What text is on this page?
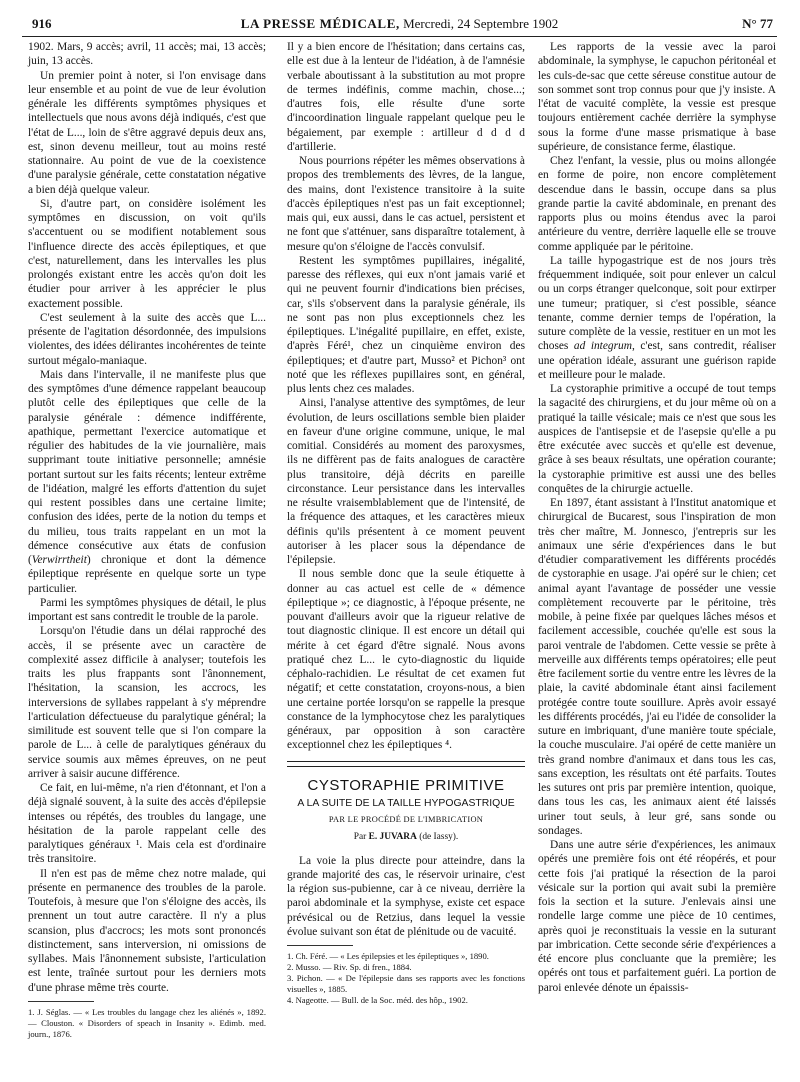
916	LA PRESSE MÉDICALE, Mercredi, 24 Septembre 1902	N° 77

1902. Mars, 9 accès; avril, 11 accès; mai, 13 accès; juin, 13 accès.

Un premier point à noter, si l'on envisage dans leur ensemble et au point de vue de leur évolution générale les différents symptômes physiques et intellectuels que nous avons déjà indiqués, c'est que l'état de L..., loin de s'être aggravé depuis deux ans, est, sinon devenu meilleur, tout au moins resté stationnaire. Au point de vue de la coexistence d'une paralysie générale, cette constatation négative a bien déjà quelque valeur.

Si, d'autre part, on considère isolément les symptômes en discussion, on voit qu'ils s'accentuent ou se modifient notablement sous l'influence directe des accès épileptiques, et que c'est, naturellement, dans les intervalles les plus prolongés existant entre les accès qu'on doit les étudier pour arriver à les apprécier le plus exactement possible.

C'est seulement à la suite des accès que L... présente de l'agitation désordonnée, des impulsions violentes, des idées délirantes incohérentes de teinte surtout mégalo-maniaque.

Mais dans l'intervalle, il ne manifeste plus que des symptômes d'une démence rappelant beaucoup plutôt celle des épileptiques que celle de la paralysie générale : démence indifférente, apathique, permettant l'exercice automatique et régulier des habitudes de la vie journalière, mais supprimant toute initiative personnelle; amnésie portant surtout sur les faits récents; lenteur extrême de l'idéation, malgré les efforts d'attention du sujet qui restent possibles dans une certaine limite; confusion des idées, perte de la notion du temps et du milieu, tous traits rappelant en un mot la démence consécutive aux états de confusion (Verwirrtheit) chronique et dont la démence épileptique représente en quelque sorte un type particulier.

Parmi les symptômes physiques de détail, le plus important est sans contredit le trouble de la parole.

Lorsqu'on l'étudie dans un délai rapproché des accès, il se présente avec un caractère de complexité assez difficile à analyser; toutefois les traits les plus frappants sont l'ânonnement, l'hésitation, la scansion, les accrocs, les interversions de syllabes rappelant à s'y méprendre l'articulation défectueuse du paralytique général; la similitude est souvent telle que si l'on compare la parole de L... à celle de paralytiques généraux du service soumis aux mêmes épreuves, on ne peut arriver à saisir aucune différence.

Ce fait, en lui-même, n'a rien d'étonnant, et l'on a déjà signalé souvent, à la suite des accès d'épilepsie intenses ou répétés, des troubles du langage, une hésitation de la parole rappelant celle des paralytiques généraux ¹. Mais cela est d'ordinaire très transitoire.

Il n'en est pas de même chez notre malade, qui présente en permanence des troubles de la parole. Toutefois, à mesure que l'on s'éloigne des accès, ils prennent un tout autre caractère. Il n'y a plus scansion, plus d'accrocs; les mots sont prononcés distinctement, sans interversion, ni omissions de syllabes. Mais l'ânonnement subsiste, l'articulation est lente, traînée surtout pour les derniers mots d'une phrase même très courte.

1. J. Séglas. — « Les troubles du langage chez les aliénés », 1892. — Clouston. « Disorders of speach in Insanity ». Edimb. med. journ., 1876.

Il y a bien encore de l'hésitation; dans certains cas, elle est due à la lenteur de l'idéation, à de l'amnésie verbale aboutissant à la substitution au mot propre de termes indéfinis, comme machin, chose...; d'autres fois, elle résulte d'une sorte d'incoordination linguale rappelant quelque peu le bégaiement, par exemple : artilleur d d d d d'artillerie.

Nous pourrions répéter les mêmes observations à propos des tremblements des lèvres, de la langue, des mains, dont l'existence transitoire à la suite d'accès épileptiques n'est pas un fait exceptionnel; mais qui, eux aussi, dans le cas actuel, persistent et ne font que s'atténuer, sans disparaître totalement, à mesure qu'on s'éloigne de l'accès convulsif.

Restent les symptômes pupillaires, inégalité, paresse des réflexes, qui eux n'ont jamais varié et qui ne peuvent fournir d'indications bien précises, car, s'ils s'observent dans la paralysie générale, ils ne sont pas non plus exceptionnels chez les épileptiques. L'inégalité pupillaire, en effet, existe, d'après Féré¹, chez un cinquième environ des épileptiques; et d'autre part, Musso² et Pichon³ ont noté que les réflexes pupillaires sont, en général, plus lents chez ces malades.

Ainsi, l'analyse attentive des symptômes, de leur évolution, de leurs oscillations semble bien plaider en faveur d'une origine commune, unique, le mal comitial. Considérés au moment des paroxysmes, ils ne diffèrent pas de faits analogues de caractère plus transitoire, déjà décrits en pareille circonstance. Leur persistance dans les intervalles ne résulte vraisemblablement que de l'intensité, de la fréquence des attaques, et les caractères mieux définis qu'ils présentent à ce moment peuvent autoriser à les placer sous la dépendance de l'épilepsie.

Il nous semble donc que la seule étiquette à donner au cas actuel est celle de « démence épileptique »; ce diagnostic, à l'époque présente, ne pouvant d'ailleurs avoir que la rigueur relative de tout diagnostic clinique. Il est encore un détail qui mérite à cet égard d'être signalé. Nous avons pratiqué chez L... le cyto-diagnostic du liquide céphalo-rachidien. Le résultat de cet examen fut négatif; et cette constatation, croyons-nous, a bien une certaine portée lorsqu'on se rappelle la presque constance de la lymphocytose chez les paralytiques généraux, par opposition à son caractère exceptionnel chez les épileptiques ⁴.

CYSTORAPHIE PRIMITIVE
A LA SUITE DE LA TAILLE HYPOGASTRIQUE
PAR LE PROCÉDÉ DE L'IMBRICATION
Par E. JUVARA (de Iassy).

La voie la plus directe pour atteindre, dans la grande majorité des cas, le réservoir urinaire, c'est la région sus-pubienne, car à ce niveau, derrière la paroi abdominale et la symphyse, existe cet espace prévésical ou de Retzius, dans lequel la vessie évolue suivant son état de plénitude ou de vacuité.

1. Ch. Féré. — « Les épilepsies et les épileptiques », 1890.

2. Musso. — Riv. Sp. di fren., 1884.

3. Pichon. — « De l'épilepsie dans ses rapports avec les fonctions visuelles », 1885.

4. Nageotte. — Bull. de la Soc. méd. des hôp., 1902.

Les rapports de la vessie avec la paroi abdominale, la symphyse, le capuchon péritonéal et les culs-de-sac que cette séreuse constitue autour de son sommet sont trop connus pour que j'y insiste. A l'état de vacuité complète, la vessie est presque toujours entièrement cachée derrière la symphyse sous la forme d'une masse prismatique à base supérieure, de consistance ferme, élastique.

Chez l'enfant, la vessie, plus ou moins allongée en forme de poire, non encore complètement descendue dans le bassin, occupe dans sa plus grande partie la cavité abdominale, en prenant des rapports plus ou moins étendus avec la paroi antérieure du ventre, derrière laquelle elle se trouve comme appliquée par le péritoine.

La taille hypogastrique est de nos jours très fréquemment indiquée, soit pour enlever un calcul ou un corps étranger quelconque, soit pour extirper une tumeur; pratiquer, si c'est possible, séance tenante, comme dernier temps de l'opération, la suture complète de la vessie, restituer en un mot les choses ad integrum, c'est, sans contredit, réaliser une opération idéale, assurant une guérison rapide et meilleure pour le malade.

La cystoraphie primitive a occupé de tout temps la sagacité des chirurgiens, et du jour même où on a pratiqué la taille vésicale; mais ce n'est que sous les auspices de l'antisepsie et de l'asepsie qu'elle a pu être exécutée avec succès et qu'elle est devenue, grâce à ses beaux résultats, une opération courante; la cystoraphie primitive est aussi une des belles conquêtes de la chirurgie actuelle.

En 1897, étant assistant à l'Institut anatomique et chirurgical de Bucarest, sous l'inspiration de mon très cher maître, M. Jonnesco, j'entrepris sur les animaux une série d'expériences dans le but d'étudier comparativement les différents procédés de cystoraphie en usage. J'ai opéré sur le chien; cet animal ayant l'avantage de posséder une vessie complètement recouverte par le péritoine, très mobile, à peine fixée par quelques lâches mésos et facilement accessible, couchée qu'elle est sous la paroi ventrale de l'abdomen. Cette vessie se prête à merveille aux différents temps opératoires; elle peut être facilement sortie du ventre entre les lèvres de la plaie, la cavité abdominale étant ainsi facilement protégée contre toute souillure. Après avoir essayé les différents procédés, j'ai eu l'idée de consolider la suture en imbriquant, d'une manière toute spéciale, la couche musculaire. J'ai opéré de cette manière un très grand nombre d'animaux et dans tous les cas, sans exception, les résultats ont été parfaits. Toutes les sutures ont pris par première intention, quoique, dans tous les cas, les animaux aient été laissés uriner tout seuls, à leur gré, sans sonde ou sondages.

Dans une autre série d'expériences, les animaux opérés une première fois ont été réopérés, et pour cette fois j'ai pratiqué la résection de la paroi vésicale sur la portion qui avait subi la première fois la section et la suture. J'enlevais ainsi une rondelle large comme une pièce de 10 centimes, après quoi je reconstituais la vessie en la suturant par imbrication. Cette seconde série d'expériences a été encore plus concluante que la première; les opérés ont tous et parfaitement guéri. La portion de paroi enlevée dénote un épaissis-
